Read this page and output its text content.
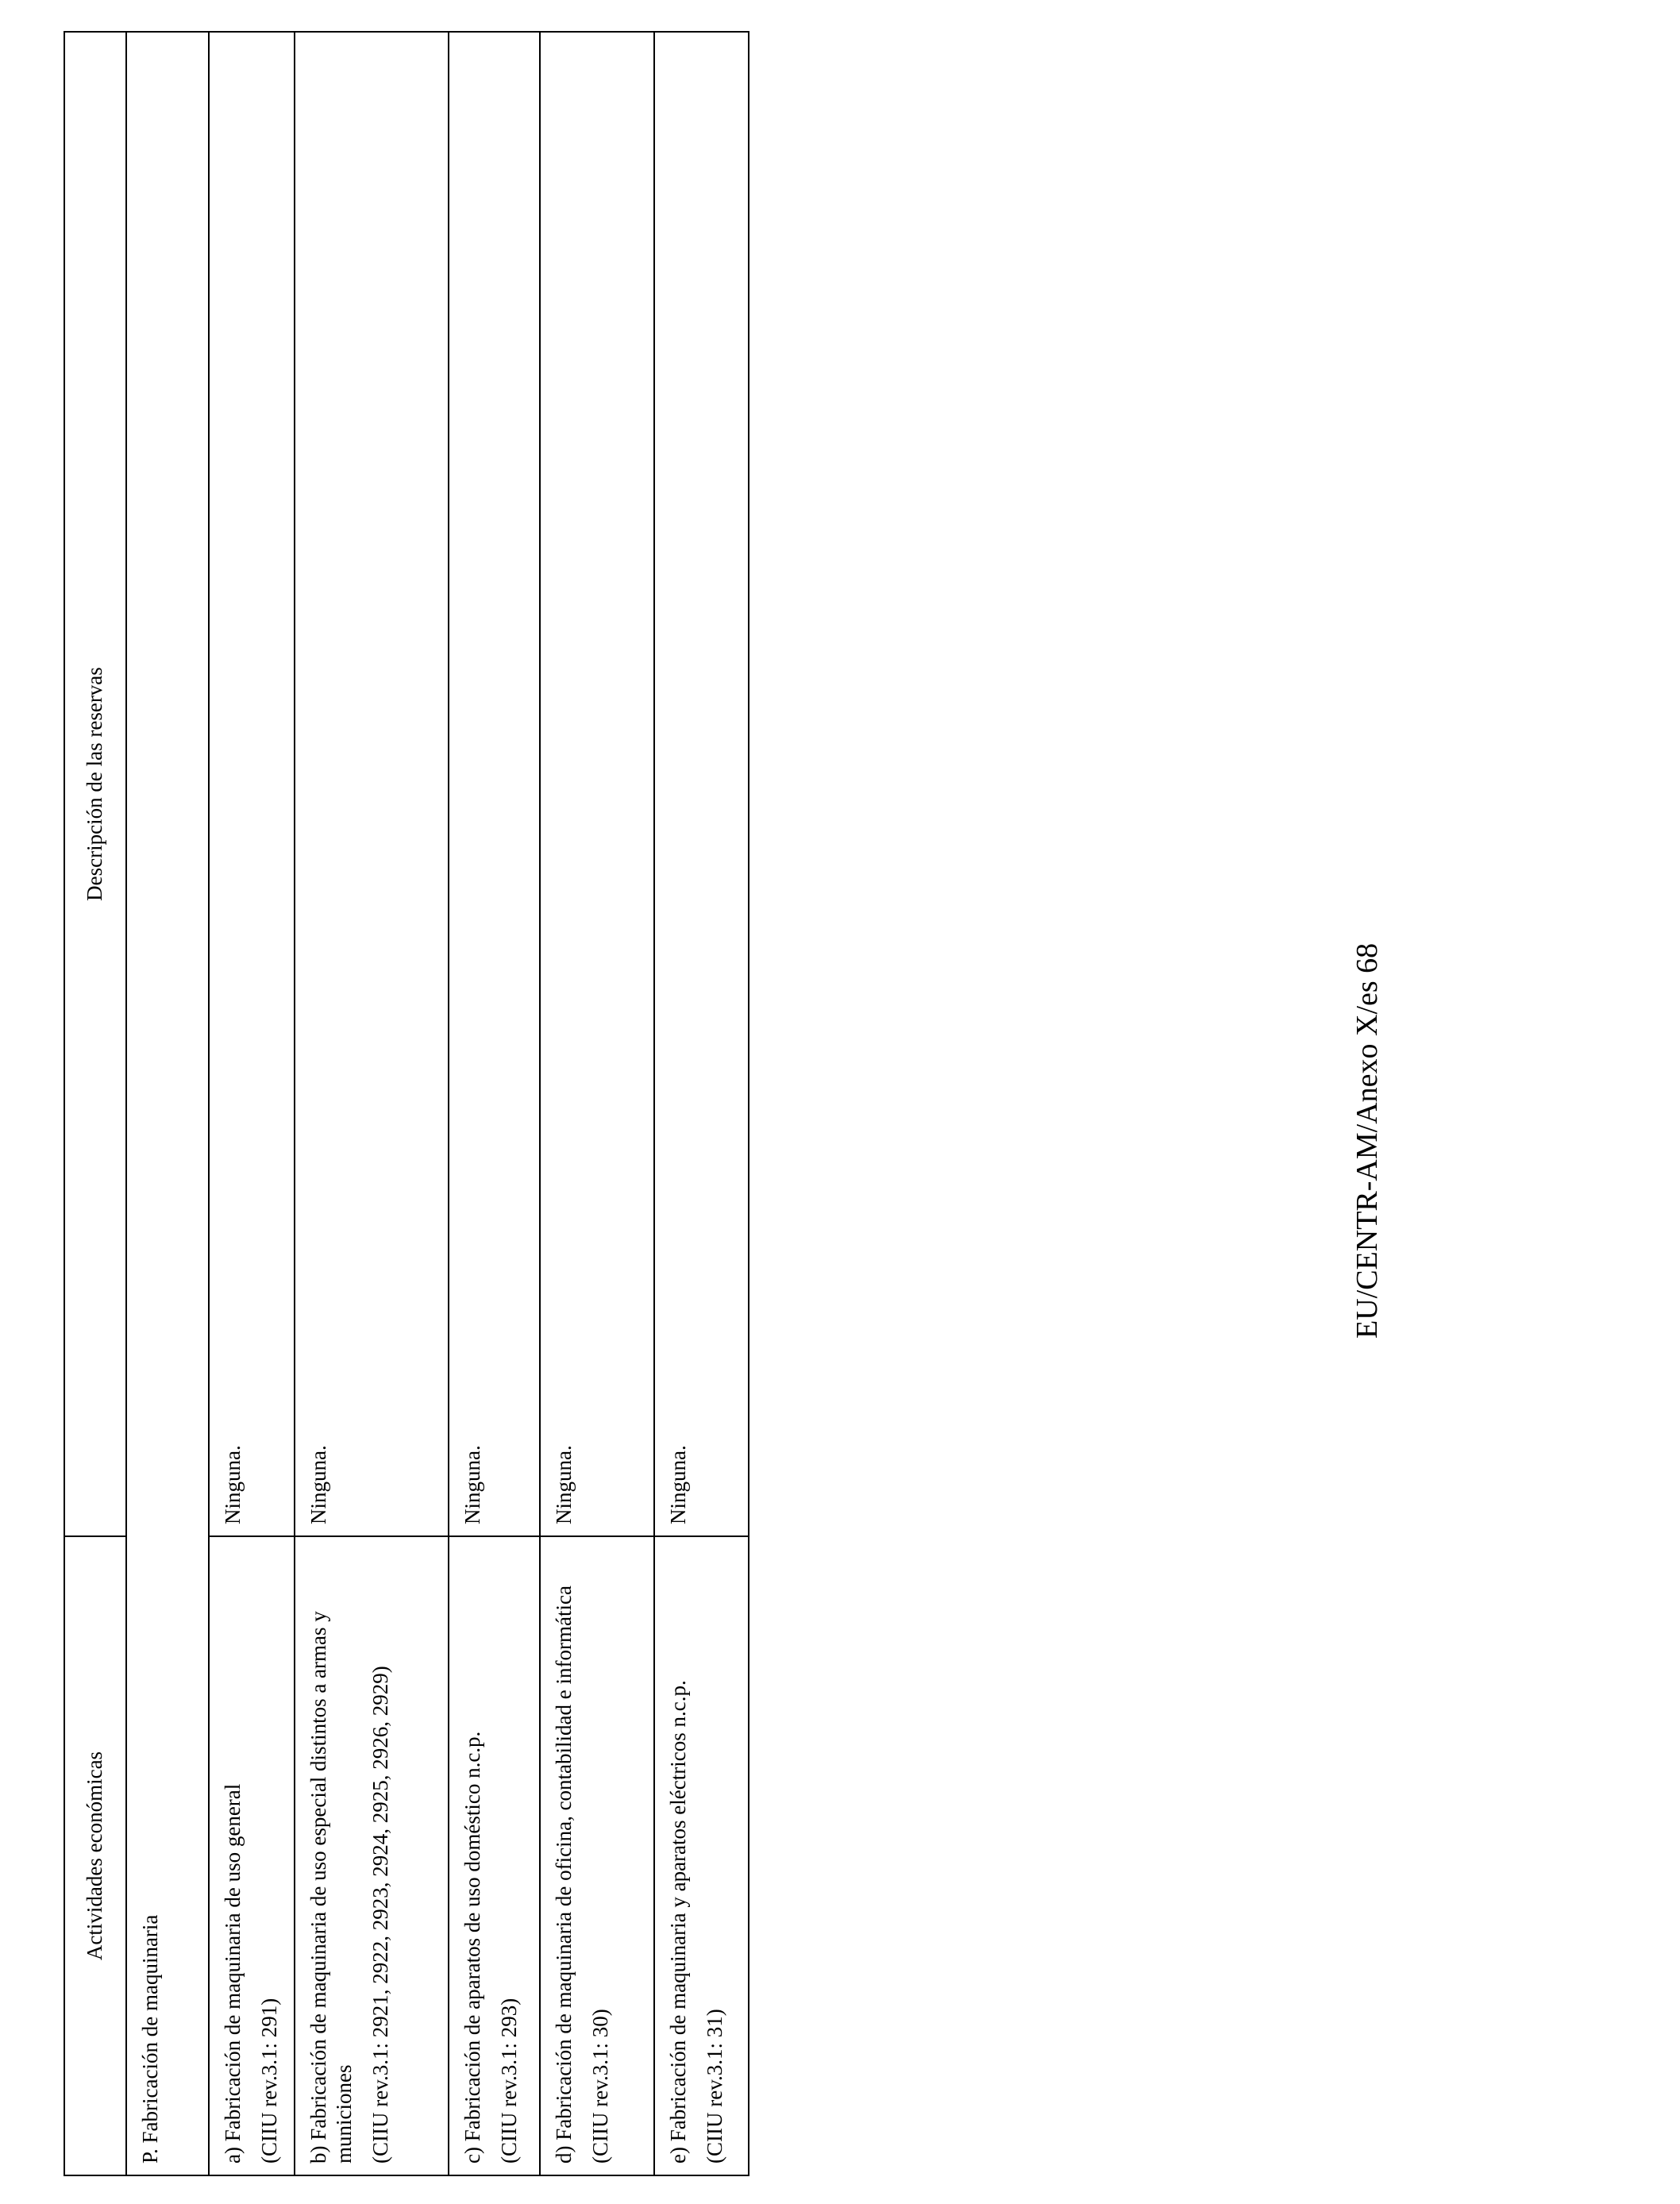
Actividades económicas	Descripción de las reservas
P. Fabricación de maquinaria	

a) Fabricación de maquinaria de uso general (CIIU rev.3.1: 291)	Ninguna.

b) Fabricación de maquinaria de uso especial distintos a armas y municiones (CIIU rev.3.1: 2921, 2922, 2923, 2924, 2925, 2926, 2929)	Ninguna.

c) Fabricación de aparatos de uso doméstico n.c.p. (CIIU rev.3.1: 293)	Ninguna.

d) Fabricación de maquinaria de oficina, contabilidad e informática (CIIU rev.3.1: 30)	Ninguna.

e) Fabricación de maquinaria y aparatos eléctricos n.c.p. (CIIU rev.3.1: 31)	Ninguna.
EU/CENTR-AM/Anexo X/es 68
